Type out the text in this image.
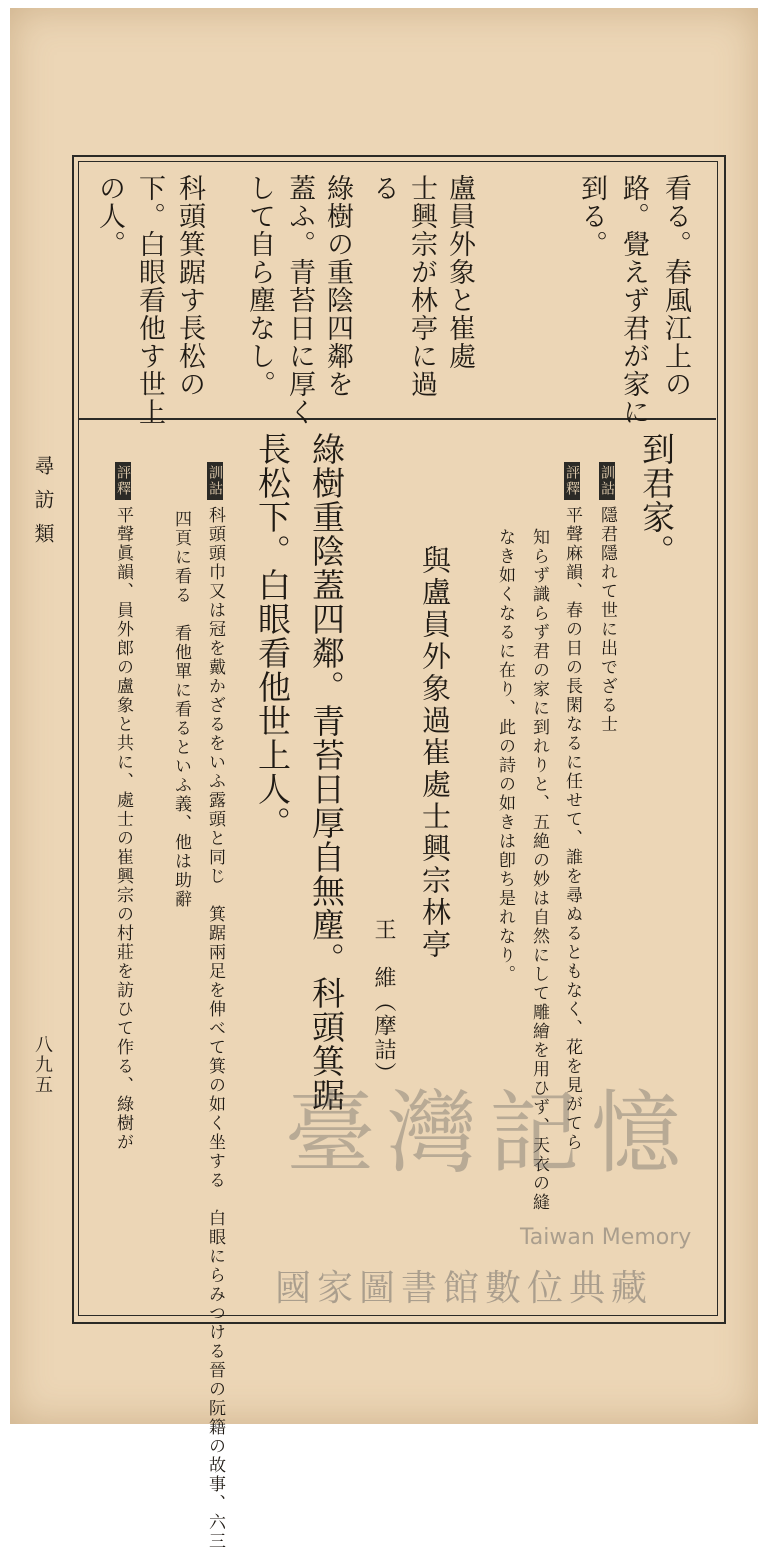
尋訪類
八九五
看る。春風江上の
路。覺えず君が家に
到る。
盧員外象と崔處
士興宗が林亭に過
る
綠樹の重陰四鄰を
蓋ふ。青苔日に厚く
して自ら塵なし。
科頭箕踞す長松の
下。白眼看他す世上
の人。
到君家。
訓詁隱君隱れて世に出でざる士
評釋平聲麻韻、春の日の長閑なるに任せて、誰を尋ぬるともなく、花を見がてら
知らず識らず君の家に到れりと、五絶の妙は自然にして雕繪を用ひず、天衣の縫
なき如くなるに在り、此の詩の如きは卽ち是れなり。
與盧員外象過崔處士興宗林亭
王　維（摩詰）
綠樹重陰蓋四鄰。青苔日厚自無塵。科頭箕踞
長松下。白眼看他世上人。
訓詁科頭頭巾又は冠を戴かざるをいふ露頭と同じ　箕踞兩足を伸べて箕の如く坐する　白眼にらみつける晉の阮籍の故事、六三
四頁に看る　看他單に看るといふ義、他は助辭
評釋平聲眞韻、員外郎の盧象と共に、處士の崔興宗の村莊を訪ひて作る、綠樹が 臺灣記憶
Taiwan Memory
國家圖書館數位典藏
